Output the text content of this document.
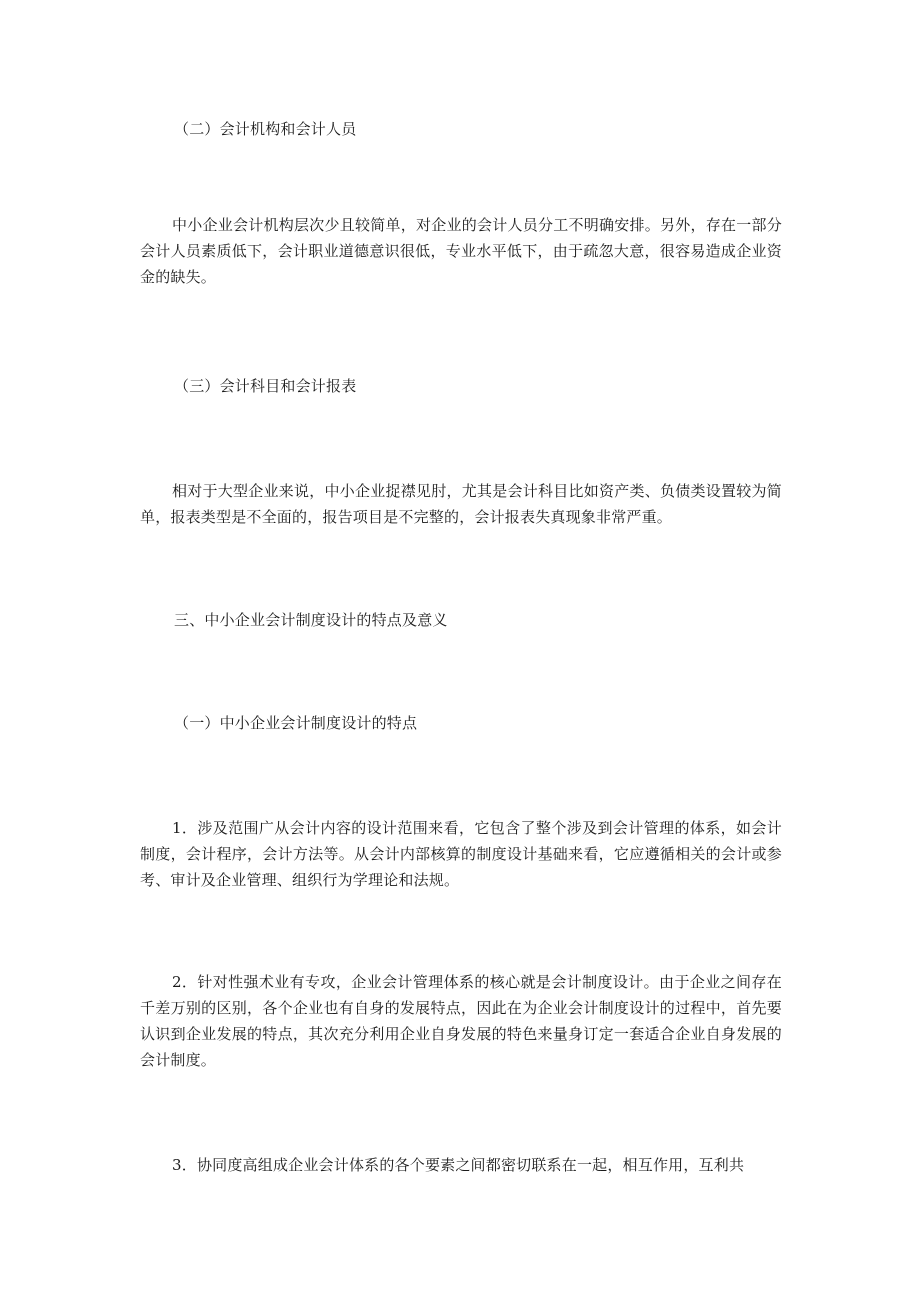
（二）会计机构和会计人员

中小企业会计机构层次少且较简单，对企业的会计人员分工不明确安排。另外，存在一部分会计人员素质低下，会计职业道德意识很低，专业水平低下，由于疏忽大意，很容易造成企业资金的缺失。

（三）会计科目和会计报表

相对于大型企业来说，中小企业捉襟见肘，尤其是会计科目比如资产类、负债类设置较为简单，报表类型是不全面的，报告项目是不完整的，会计报表失真现象非常严重。

三、中小企业会计制度设计的特点及意义

（一）中小企业会计制度设计的特点

1．涉及范围广从会计内容的设计范围来看，它包含了整个涉及到会计管理的体系，如会计制度，会计程序，会计方法等。从会计内部核算的制度设计基础来看，它应遵循相关的会计或参考、审计及企业管理、组织行为学理论和法规。

2．针对性强术业有专攻，企业会计管理体系的核心就是会计制度设计。由于企业之间存在千差万别的区别，各个企业也有自身的发展特点，因此在为企业会计制度设计的过程中，首先要认识到企业发展的特点，其次充分利用企业自身发展的特色来量身订定一套适合企业自身发展的会计制度。

3．协同度高组成企业会计体系的各个要素之间都密切联系在一起，相互作用，互利共
